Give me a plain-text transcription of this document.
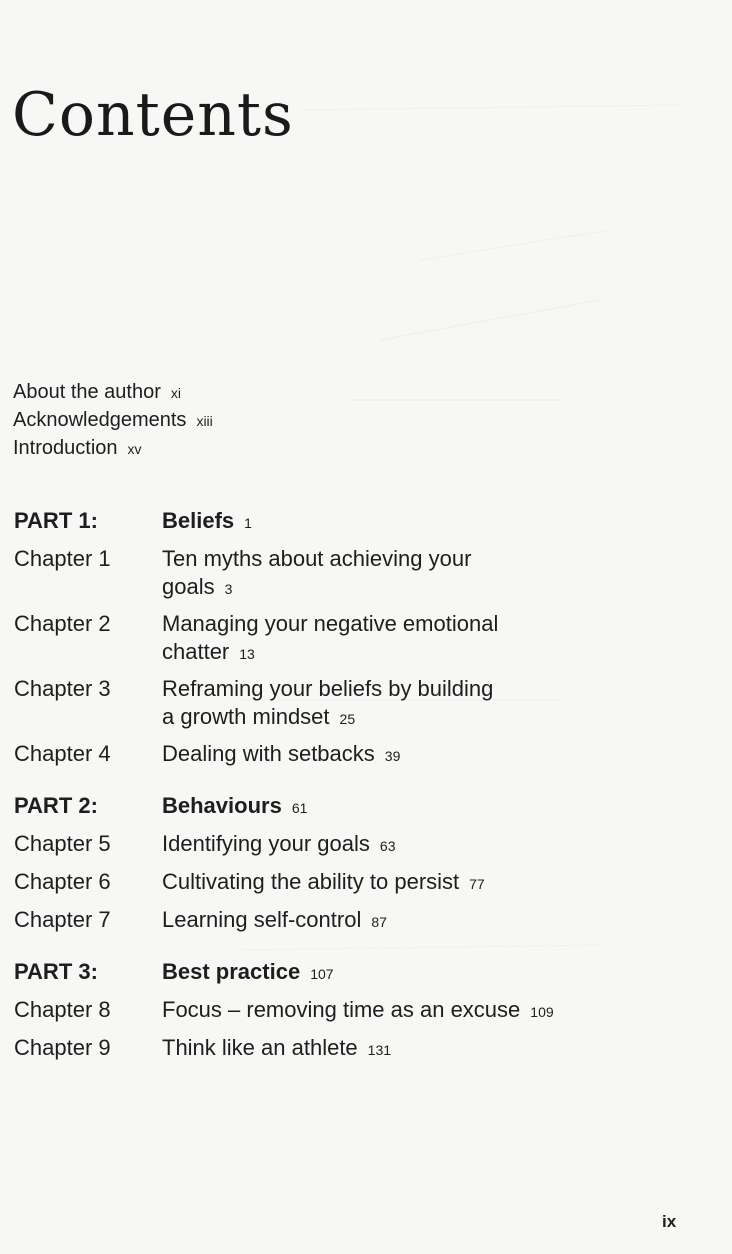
Contents
About the author xi
Acknowledgements xiii
Introduction xv
PART 1:	Beliefs 1
Chapter 1	Ten myths about achieving your
goals 3
Chapter 2	Managing your negative emotional
chatter 13
Chapter 3	Reframing your beliefs by building
a growth mindset 25
Chapter 4	Dealing with setbacks 39
PART 2:	Behaviours 61
Chapter 5	Identifying your goals 63
Chapter 6	Cultivating the ability to persist 77
Chapter 7	Learning self-control 87
PART 3:	Best practice 107
Chapter 8	Focus – removing time as an excuse 109
Chapter 9	Think like an athlete 131
ix
